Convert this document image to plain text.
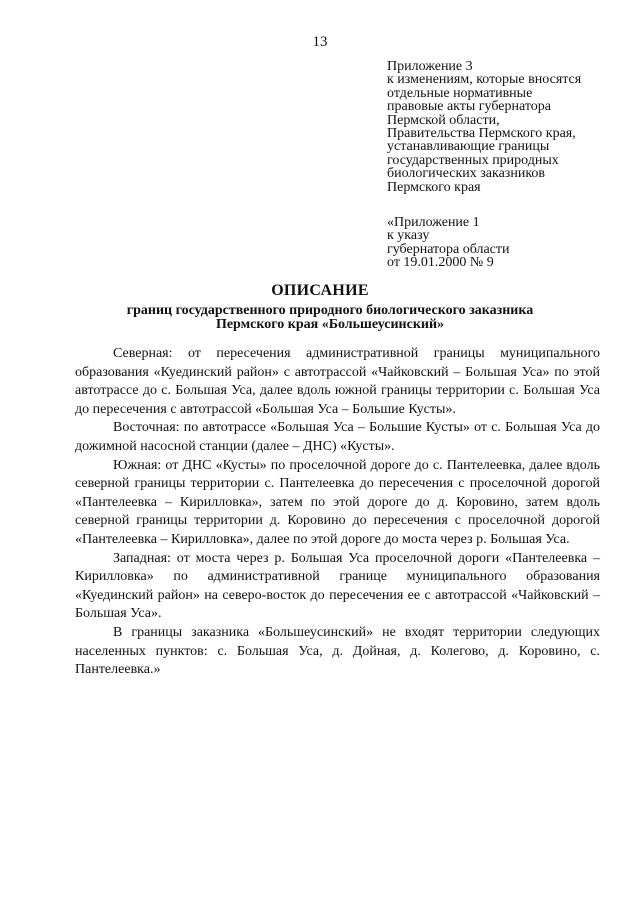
13
Приложение 3
к изменениям, которые вносятся
отдельные нормативные
правовые акты губернатора
Пермской области,
Правительства Пермского края,
устанавливающие границы
государственных природных
биологических заказников
Пермского края
«Приложение 1
к указу
губернатора области
от 19.01.2000 № 9
ОПИСАНИЕ
границ государственного природного биологического заказника
Пермского края «Большеусинский»

Северная: от пересечения административной границы муниципального образования «Куединский район» с автотрассой «Чайковский – Большая Уса» по этой автотрассе до с. Большая Уса, далее вдоль южной границы территории с. Большая Уса до пересечения с автотрассой «Большая Уса – Большие Кусты».

Восточная: по автотрассе «Большая Уса – Большие Кусты» от с. Большая Уса до дожимной насосной станции (далее – ДНС) «Кусты».

Южная: от ДНС «Кусты» по проселочной дороге до с. Пантелеевка, далее вдоль северной границы территории с. Пантелеевка до пересечения с проселочной дорогой «Пантелеевка – Кирилловка», затем по этой дороге до д. Коровино, затем вдоль северной границы территории д. Коровино до пересечения с проселочной дорогой «Пантелеевка – Кирилловка», далее по этой дороге до моста через р. Большая Уса.

Западная: от моста через р. Большая Уса проселочной дороги «Пантелеевка – Кирилловка» по административной границе муниципального образования «Куединский район» на северо-восток до пересечения ее с автотрассой «Чайковский – Большая Уса».

В границы заказника «Большеусинский» не входят территории следующих населенных пунктов: с. Большая Уса, д. Дойная, д. Колегово, д. Коровино, с. Пантелеевка.»
